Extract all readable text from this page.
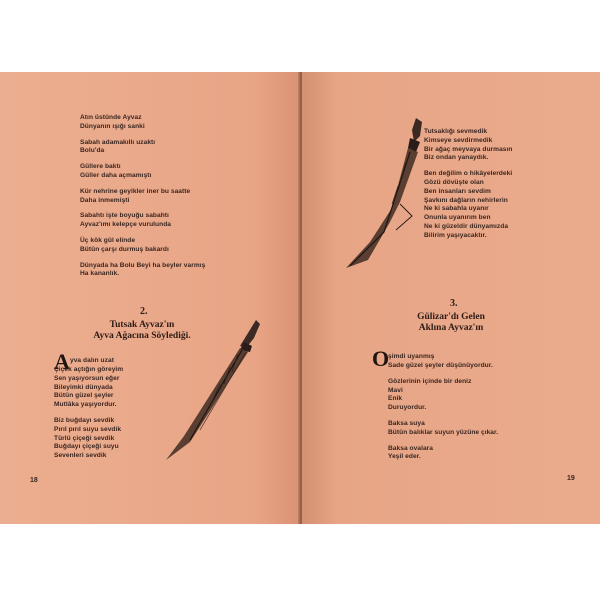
Atın üstünde Ayvaz
Dünyanın ışığı sanki
Sabah adamakıllı uzaktı
Bolu'da
Güllere baktı
Güller daha açmamıştı
Kür nehrine geyikler iner bu saatte
Daha inmemişti
Sabahtı işte boyuğu sabahtı
Ayvaz'ımı kelepçe vurulunda
Üç kök gül elinde
Bütün çarşı durmuş bakardı
Dünyada ha Bolu Beyi ha beyler varmış
Ha kananlık.
2.
Tutsak Ayvaz'ın
Ayva Ağacına Söylediği.
A yva dalın uzat
Çiçek açtığın göreyim
Sen yaşıyorsun eğer
Bileyimki dünyada
Bütün güzel şeyler
Mutlâka yaşıyordur.
Biz buğdayı sevdik
Pırıl pırıl suyu sevdik
Türlü çiçeği sevdik
Buğdayı çiçeği suyu
Sevenleri sevdik
18
Tutsaklığı sevmedik
Kimseye sevdirmedik
Bir ağaç meyvaya durmasın
Biz ondan yanaydık.
Ben değilim o hikâyelerdeki
Gözü dövüşte olan
Ben insanları sevdim
Şavkını dağların nehirlerin
Ne ki sabahla uyanır
Onunla uyanırım ben
Ne ki güzeldir dünyamızda
Bilirim yaşıyacaktır.
3.
Gülizar'dı Gelen
Aklına Ayvaz'ın
O
şimdi uyanmış
Sade güzel şeyler düşünüyordur.
Gözlerinin içinde bir deniz
Mavi
Enik
Duruyordur.
Baksa suya
Bütün balıklar suyun yüzüne çıkar.
Baksa ovalara
Yeşil eder.
19
